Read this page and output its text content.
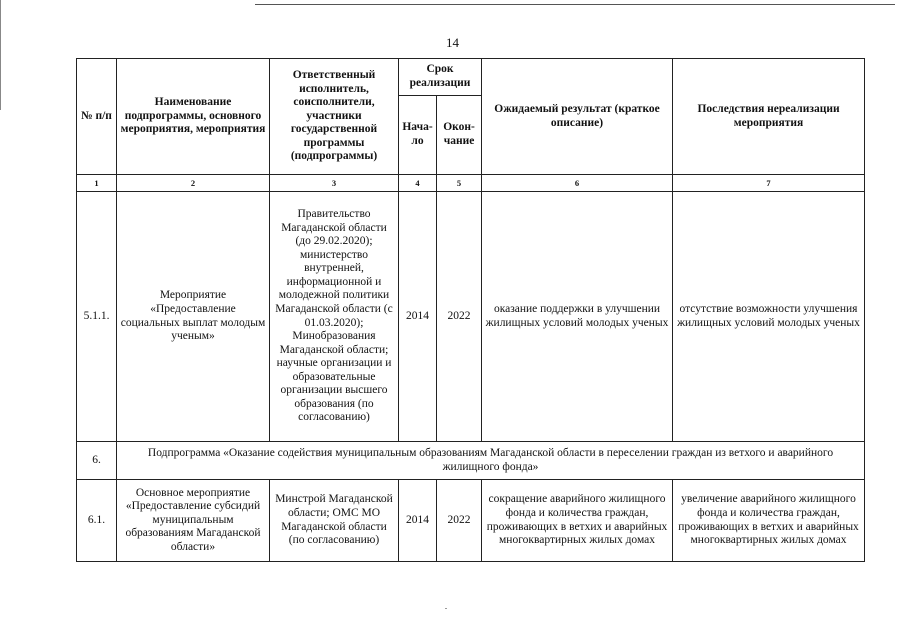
14
№ п/п	Наименование подпрограммы, основного мероприятия, мероприятия	Ответственный исполнитель, соисполнители, участники государственной программы (подпрограммы)	Срок реализации		Ожидаемый результат (краткое описание)	Последствия нереализации мероприятия
			Нача-ло	Окон-чание		
1	2	3	4	5	6	7
5.1.1.	Мероприятие «Предоставление социальных выплат молодым ученым»	Правительство Магаданской области (до 29.02.2020); министерство внутренней, информационной и молодежной политики Магаданской области (с 01.03.2020); Минобразования Магаданской области; научные организации и образовательные организации высшего образования (по согласованию)	2014	2022	оказание поддержки в улучшении жилищных условий молодых ученых	отсутствие возможности улучшения жилищных условий молодых ученых
6.	Подпрограмма «Оказание содействия муниципальным образованиям Магаданской области в переселении граждан из ветхого и аварийного жилищного фонда»					
6.1.	Основное мероприятие «Предоставление субсидий муниципальным образованиям Магаданской области»	Минстрой Магаданской области; ОМС МО Магаданской области (по согласованию)	2014	2022	сокращение аварийного жилищного фонда и количества граждан, проживающих в ветхих и аварийных многоквартирных жилых домах	увеличение аварийного жилищного фонда и количества граждан, проживающих в ветхих и аварийных многоквартирных жилых домах
